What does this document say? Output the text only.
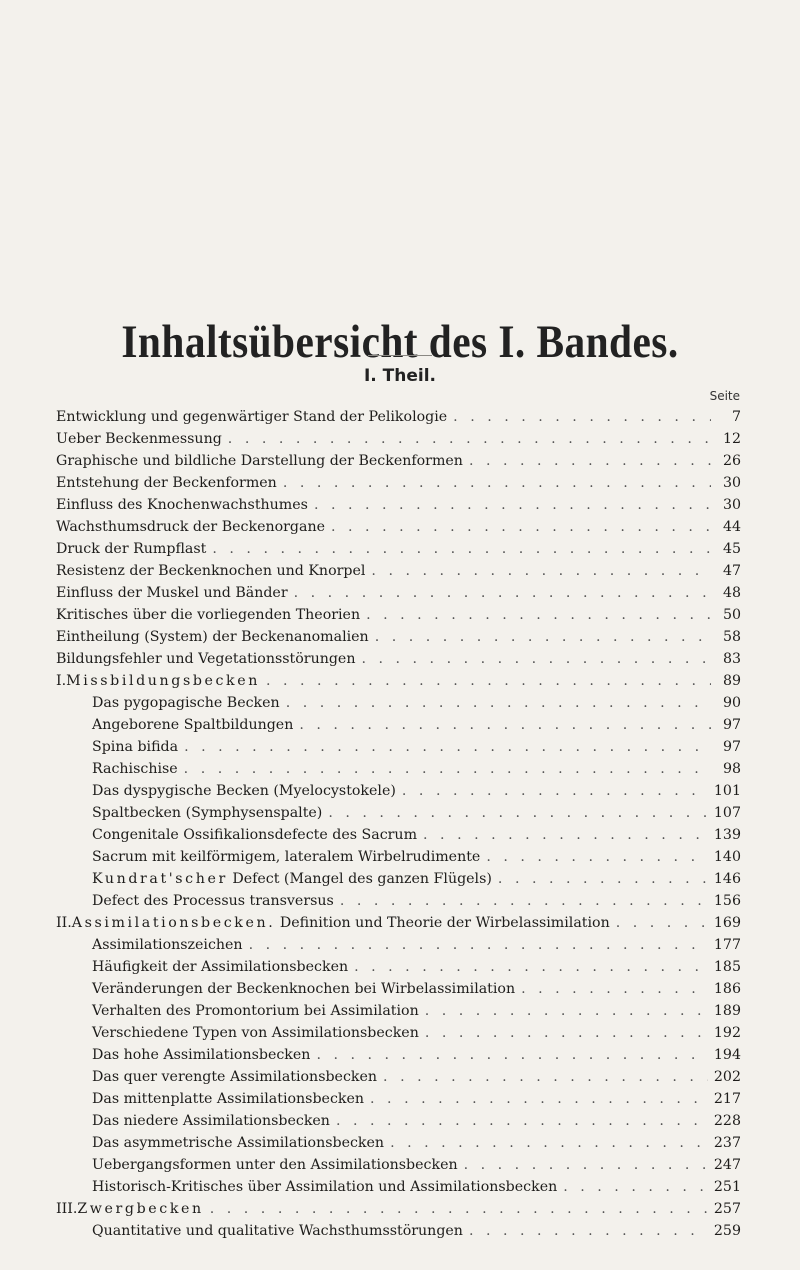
Inhaltsübersicht des I. Bandes.
I. Theil.
Seite
Entwicklung und gegenwärtiger Stand der Pelikologie . . .	7
Ueber Beckenmessung . . .	12
Graphische und bildliche Darstellung der Beckenformen . . .	26
Entstehung der Beckenformen . . .	30
Einfluss des Knochenwachsthumes . . .	30
Wachsthumsdruck der Beckenorgane . . .	44
Druck der Rumpflast . . .	45
Resistenz der Beckenknochen und Knorpel . . .	47
Einfluss der Muskel und Bänder . . .	48
Kritisches über die vorliegenden Theorien . . .	50
Eintheilung (System) der Beckenanomalien . . .	58
Bildungsfehler und Vegetationsstörungen . . .	83
I. Missbildungsbecken . . .	89
Das pygopagische Becken . . .	90
Angeborene Spaltbildungen . . .	97
Spina bifida . . .	97
Rachischise . . .	98
Das dyspygische Becken (Myelocystokele) . . .	101
Spaltbecken (Symphysenspalte) . . .	107
Congenitale Ossifikalionsdefecte des Sacrum . . .	139
Sacrum mit keilförmigem, lateralem Wirbelrudimente . . .	140
Kundrat'scher Defect (Mangel des ganzen Flügels) . . .	146
Defect des Processus transversus . . .	156
II. Assimilationsbecken. Definition und Theorie der Wirbelassimilation . . .	169
Assimilationszeichen . . .	177
Häufigkeit der Assimilationsbecken . . .	185
Veränderungen der Beckenknochen bei Wirbelassimilation . . .	186
Verhalten des Promontorium bei Assimilation . . .	189
Verschiedene Typen von Assimilationsbecken . . .	192
Das hohe Assimilationsbecken . . .	194
Das quer verengte Assimilationsbecken . . .	202
Das mittenplatte Assimilationsbecken . . .	217
Das niedere Assimilationsbecken . . .	228
Das asymmetrische Assimilationsbecken . . .	237
Uebergangsformen unter den Assimilationsbecken . . .	247
Historisch-Kritisches über Assimilation und Assimilationsbecken . . .	251
III. Zwergbecken . . .	257
Quantitative und qualitative Wachsthumsstörungen . . .	259
